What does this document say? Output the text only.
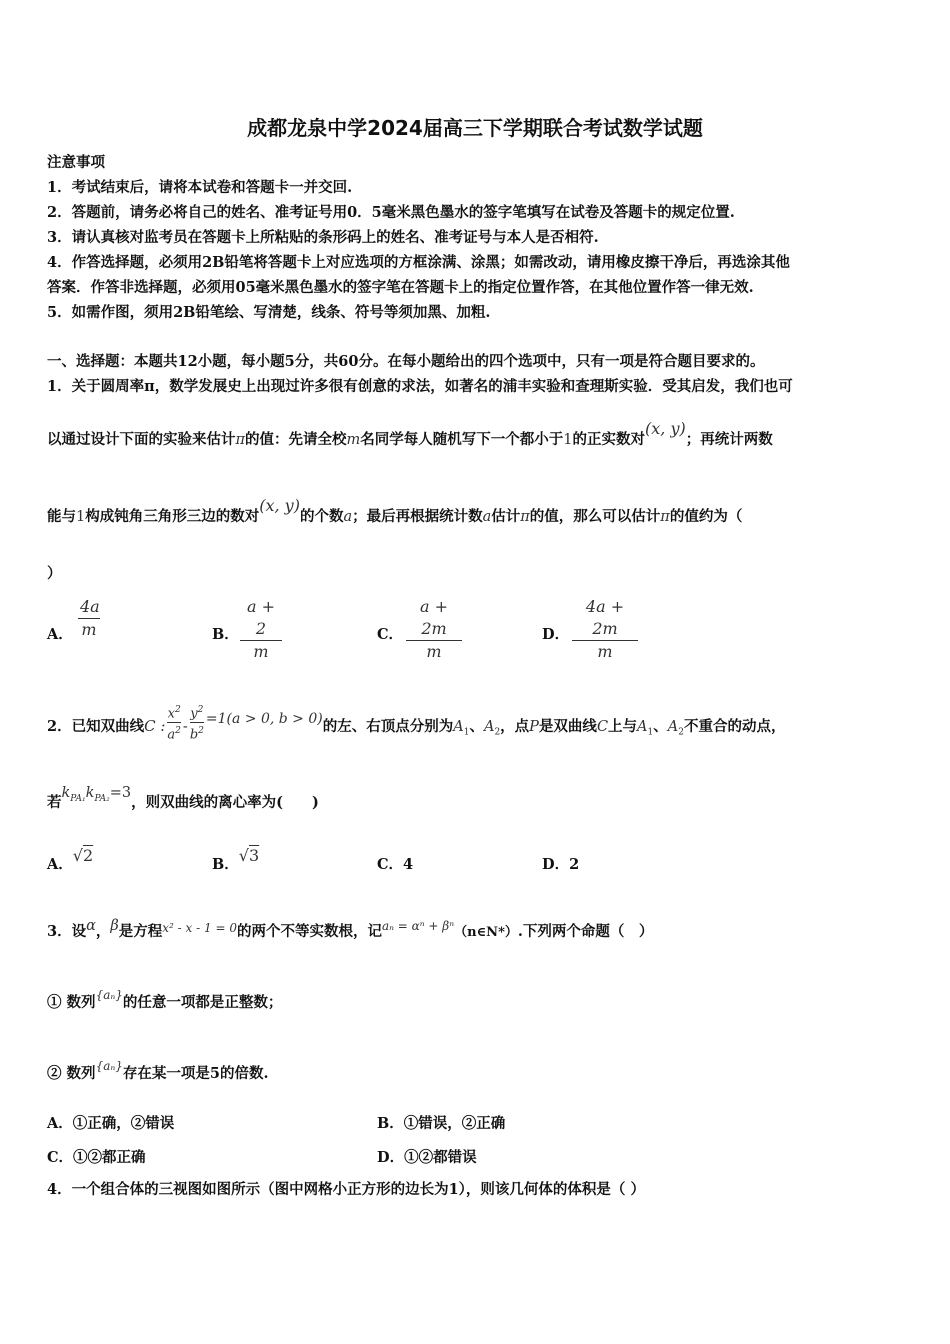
成都龙泉中学2024届高三下学期联合考试数学试题
注意事项
1．考试结束后，请将本试卷和答题卡一并交回.
2．答题前，请务必将自己的姓名、准考证号用0．5毫米黑色墨水的签字笔填写在试卷及答题卡的规定位置.
3．请认真核对监考员在答题卡上所粘贴的条形码上的姓名、准考证号与本人是否相符.
4．作答选择题，必须用2B铅笔将答题卡上对应选项的方框涂满、涂黑；如需改动，请用橡皮擦干净后，再选涂其他
答案．作答非选择题，必须用05毫米黑色墨水的签字笔在答题卡上的指定位置作答，在其他位置作答一律无效.
5．如需作图，须用2B铅笔绘、写清楚，线条、符号等须加黑、加粗.
一、选择题：本题共12小题，每小题5分，共60分。在每小题给出的四个选项中，只有一项是符合题目要求的。
1．关于圆周率π，数学发展史上出现过许多很有创意的求法，如著名的浦丰实验和查理斯实验．受其启发，我们也可
以通过设计下面的实验来估计π的值：先请全校m名同学每人随机写下一个都小于1的正实数对(x, y)；再统计两数
能与1构成钝角三角形三边的数对(x, y)的个数a；最后再根据统计数a估计π的值，那么可以估计π的值约为（
）
A． $\frac{4a}{m}$	B． $\frac{a + 2}{m}$	C． $\frac{a + 2m}{m}$	D． $\frac{4a + 2m}{m}$
2．已知双曲线C : $\frac{x^2}{a^2} - \frac{y^2}{b^2} =1(a > 0$, b > 0)的左、右顶点分别为$A_1$、$A_2$，点P是双曲线C上与$A_1$、$A_2$不重合的动点，
若$k_{PA_1}k_{PA_2}=3$，则双曲线的离心率为(　　)
A．√2	B．√3	C．4	D．2
3．设α，β是方程$^{x^2 - x - 1 = 0}$的两个不等实数根，记$^{a_n = \alpha^n + \beta^n}$（n∈N*）.下列两个命题（　）
① 数列$^{\{a_n\}}$的任意一项都是正整数；
② 数列$^{\{a_n\}}$存在某一项是5的倍数.
A．①正确，②错误	B．①错误，②正确
C．①②都正确	D．①②都错误
4．一个组合体的三视图如图所示（图中网格小正方形的边长为1），则该几何体的体积是（ ）
